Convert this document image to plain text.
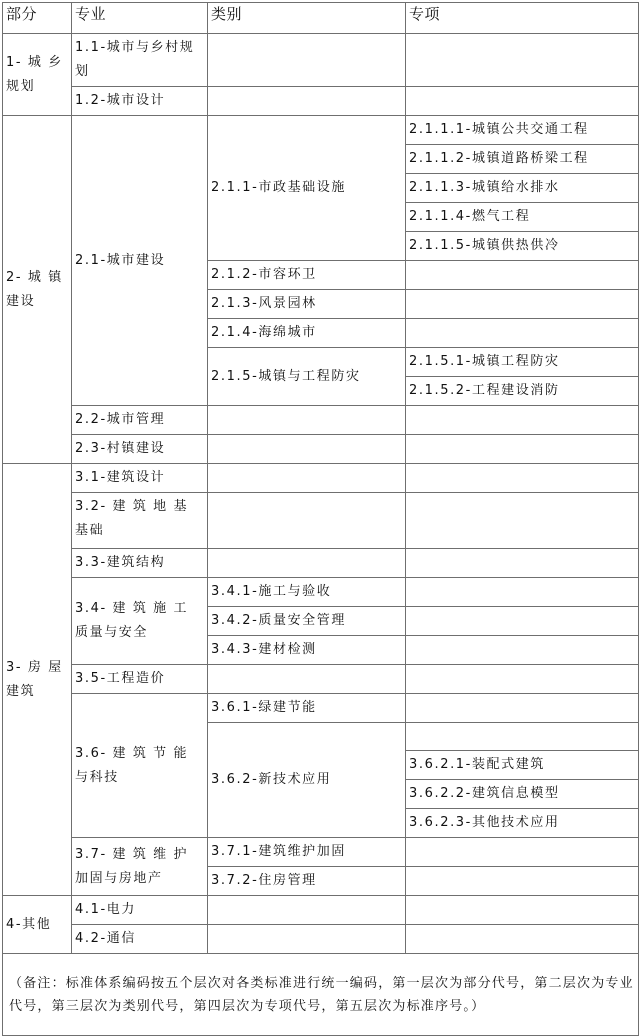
部分	专业	类别	专项
1- 城 乡规划	1.1-城市与乡村规划		
	1.2-城市设计		
2- 城 镇建设	2.1-城市建设	2.1.1-市政基础设施	2.1.1.1-城镇公共交通工程
			2.1.1.2-城镇道路桥梁工程
			2.1.1.3-城镇给水排水
			2.1.1.4-燃气工程
			2.1.1.5-城镇供热供冷
		2.1.2-市容环卫	
		2.1.3-风景园林	
		2.1.4-海绵城市	
		2.1.5-城镇与工程防灾	2.1.5.1-城镇工程防灾
			2.1.5.2-工程建设消防
	2.2-城市管理		
	2.3-村镇建设		
3- 房 屋建筑	3.1-建筑设计		
	3.2- 建 筑 地 基 基础		
	3.3-建筑结构		
	3.4- 建 筑 施 工 质量与安全	3.4.1-施工与验收	
		3.4.2-质量安全管理	
		3.4.3-建材检测	
	3.5-工程造价		
	3.6- 建 筑 节 能 与科技	3.6.1-绿建节能	
		3.6.2-新技术应用	
			3.6.2.1-装配式建筑
			3.6.2.2-建筑信息模型
			3.6.2.3-其他技术应用
	3.7- 建 筑 维 护 加固与房地产	3.7.1-建筑维护加固	
		3.7.2-住房管理	
4-其他	4.1-电力		
	4.2-通信		
（备注：标准体系编码按五个层次对各类标准进行统一编码，第一层次为部分代号，第二层次为专业代号，第三层次为类别代号，第四层次为专项代号，第五层次为标准序号。）			
